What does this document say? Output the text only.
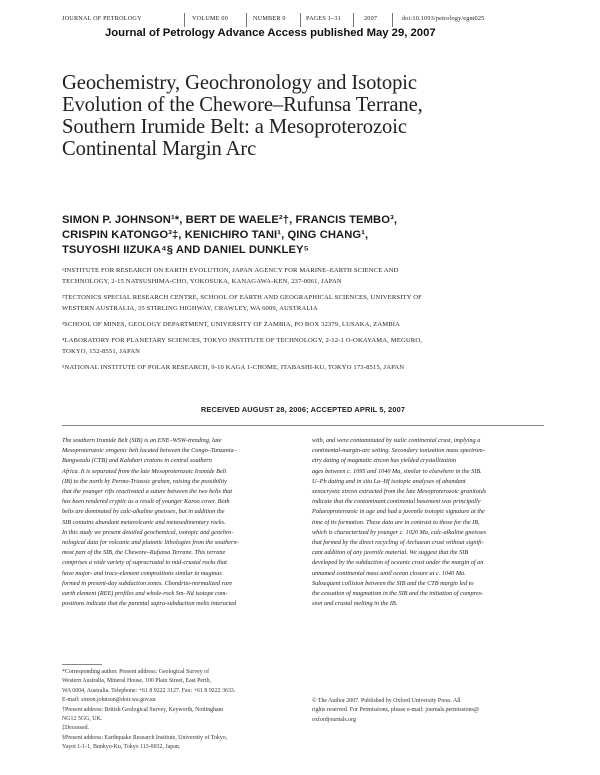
JOURNAL OF PETROLOGY	VOLUME 00	NUMBER 0	PAGES 1–31	2007	doi:10.1093/petrology/egm025
Journal of Petrology Advance Access published May 29, 2007
Geochemistry, Geochronology and Isotopic
Evolution of the Chewore–Rufunsa Terrane,
Southern Irumide Belt: a Mesoproterozoic
Continental Margin Arc
SIMON P. JOHNSON¹*, BERT DE WAELE²†, FRANCIS TEMBO³,
CRISPIN KATONGO³‡, KENICHIRO TANI¹, QING CHANG¹,
TSUYOSHI IIZUKA⁴§ AND DANIEL DUNKLEY⁵
¹INSTITUTE FOR RESEARCH ON EARTH EVOLUTION, JAPAN AGENCY FOR MARINE–EARTH SCIENCE AND
TECHNOLOGY, 2-15 NATSUSHIMA-CHO, YOKOSUKA, KANAGAWA-KEN, 237-0061, JAPAN
²TECTONICS SPECIAL RESEARCH CENTRE, SCHOOL OF EARTH AND GEOGRAPHICAL SCIENCES, UNIVERSITY OF
WESTERN AUSTRALIA, 35 STIRLING HIGHWAY, CRAWLEY, WA 6009, AUSTRALIA
³SCHOOL OF MINES, GEOLOGY DEPARTMENT, UNIVERSITY OF ZAMBIA, PO BOX 32379, LUSAKA, ZAMBIA
⁴LABORATORY FOR PLANETARY SCIENCES, TOKYO INSTITUTE OF TECHNOLOGY, 2-12-1 O-OKAYAMA, MEGURO,
TOKYO, 152-8551, JAPAN
⁵NATIONAL INSTITUTE OF POLAR RESEARCH, 9-10 KAGA 1-CHOME, ITABASHI-KU, TOKYO 173-8515, JAPAN
RECEIVED AUGUST 28, 2006; ACCEPTED APRIL 5, 2007
The southern Irumide Belt (SIB) is an ENE–WSW-trending, late
Mesoproterozoic orogenic belt located between the Congo–Tanzania–
Bangweulu (CTB) and Kalahari cratons in central southern
Africa. It is separated from the late Mesoproterozoic Irumide Belt
(IB) to the north by Permo-Triassic graben, raising the possibility
that the younger rifts reactivated a suture between the two belts that
has been rendered cryptic as a result of younger Karoo cover. Both
belts are dominated by calc-alkaline gneisses, but in addition the
SIB contains abundant metavolcanic and metasedimentary rocks.
In this study we present detailed geochemical, isotopic and geochro-
nological data for volcanic and plutonic lithologies from the southern-
most part of the SIB, the Chewore–Rufunsa Terrane. This terrane
comprises a wide variety of supracrustal to mid-crustal rocks that
have major- and trace-element compositions similar to magmas
formed in present-day subduction zones. Chondrite-normalized rare
earth element (REE) profiles and whole-rock Sm–Nd isotope com-
positions indicate that the parental supra-subduction melts interacted
with, and were contaminated by sialic continental crust, implying a
continental-margin-arc setting. Secondary ionization mass spectrom-
etry dating of magmatic zircon has yielded crystallization
ages between c. 1095 and 1040 Ma, similar to elsewhere in the SIB.
U–Pb dating and in situ Lu–Hf isotopic analyses of abundant
xenocrystic zircon extracted from the late Mesoproterozoic granitoids
indicate that the contaminant continental basement was principally
Palaeoproterozoic in age and had a juvenile isotopic signature at the
time of its formation. These data are in contrast to those for the IB,
which is characterized by younger c. 1020 Ma, calc-alkaline gneisses
that formed by the direct recycling of Archaean crust without signifi-
cant addition of any juvenile material. We suggest that the SIB
developed by the subduction of oceanic crust under the margin of an
unnamed continental mass until ocean closure at c. 1040 Ma.
Subsequent collision between the SIB and the CTB margin led to
the cessation of magmatism in the SIB and the initiation of compres-
sion and crustal melting in the IB.
*Corresponding author. Present address: Geological Survey of
Western Australia, Mineral House, 100 Plain Street, East Perth,
WA 6004, Australia. Telephone: +61 8 9222 3127. Fax: +61 8 9222 3633.
E-mail: simon.johnson@doir.wa.gov.au
†Present address: British Geological Survey, Keyworth, Nottingham
NG12 5GG, UK.
‡Deceased.
§Present address: Earthquake Research Institute, University of Tokyo,
Yayoi 1-1-1, Bunkyo-Ku, Tokyo 113-0032, Japan.
© The Author 2007. Published by Oxford University Press. All
rights reserved. For Permissions, please e-mail: journals.permissions@
oxfordjournals.org
